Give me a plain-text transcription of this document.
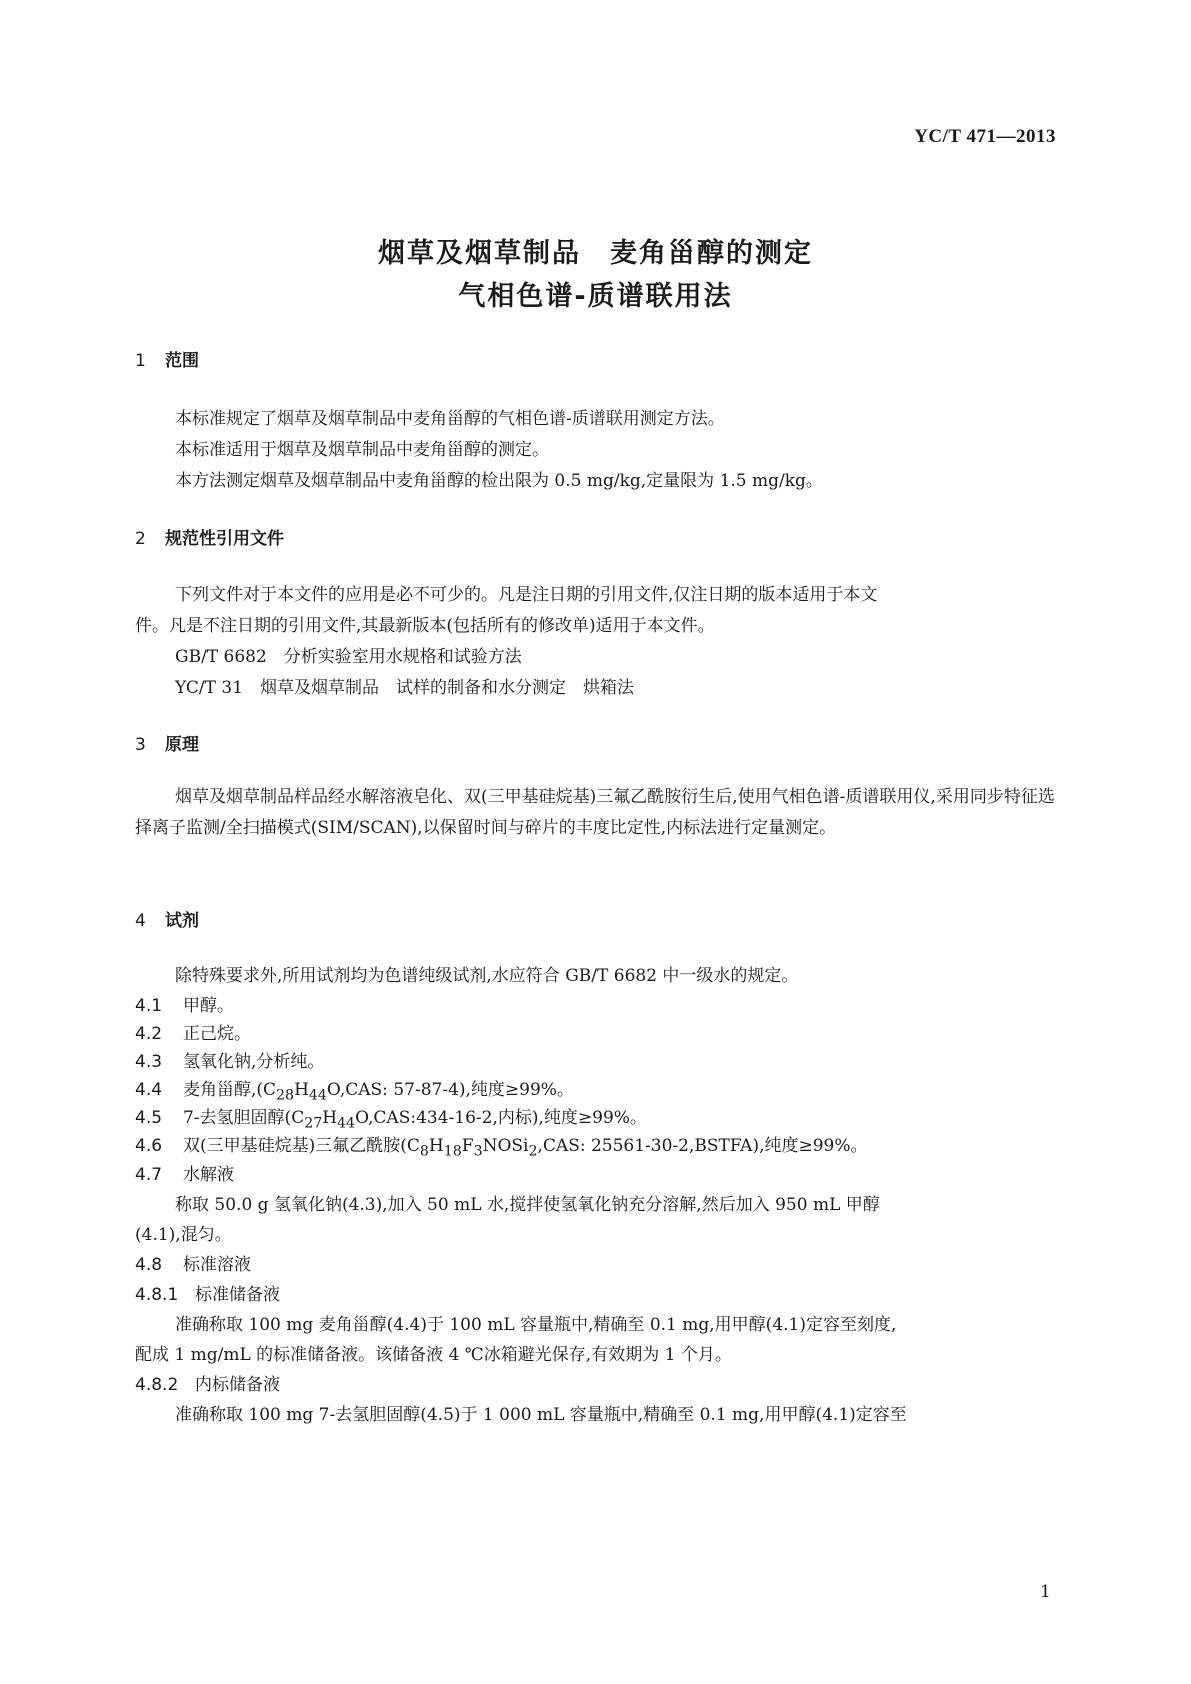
YC/T 471—2013
烟草及烟草制品　麦角甾醇的测定
气相色谱-质谱联用法
1 范围
本标准规定了烟草及烟草制品中麦角甾醇的气相色谱-质谱联用测定方法。
本标准适用于烟草及烟草制品中麦角甾醇的测定。
本方法测定烟草及烟草制品中麦角甾醇的检出限为 0.5 mg/kg,定量限为 1.5 mg/kg。
2 规范性引用文件
下列文件对于本文件的应用是必不可少的。凡是注日期的引用文件,仅注日期的版本适用于本文
件。凡是不注日期的引用文件,其最新版本(包括所有的修改单)适用于本文件。
GB/T 6682　分析实验室用水规格和试验方法
YC/T 31　烟草及烟草制品　试样的制备和水分测定　烘箱法
3 原理
烟草及烟草制品样品经水解溶液皂化、双(三甲基硅烷基)三氟乙酰胺衍生后,使用气相色谱-质谱联用仪,采用同步特征选择离子监测/全扫描模式(SIM/SCAN),以保留时间与碎片的丰度比定性,内标法进行定量测定。
4 试剂
除特殊要求外,所用试剂均为色谱纯级试剂,水应符合 GB/T 6682 中一级水的规定。
4.1 甲醇。
4.2 正己烷。
4.3 氢氧化钠,分析纯。
4.4 麦角甾醇$,(C_{28}H_{44}O,CAS$: 57-87-4),纯度≥99%。
4.5 7-去氢胆固醇($C_{27}H_{44}O,CAS:434-16-2$,内标),纯度≥99%。
4.6 双(三甲基硅烷基)三氟乙酰胺($C_8H_{18}F_3NOSi_2,CAS$: 25561-30-2,BSTFA),纯度≥99%。
4.7 水解液
称取 50.0 g 氢氧化钠(4.3),加入 50 mL 水,搅拌使氢氧化钠充分溶解,然后加入 950 mL 甲醇
(4.1),混匀。
4.8 标准溶液
4.8.1 标准储备液
准确称取 100 mg 麦角甾醇(4.4)于 100 mL 容量瓶中,精确至 0.1 mg,用甲醇(4.1)定容至刻度,
配成 1 mg/mL 的标准储备液。该储备液 4 ℃冰箱避光保存,有效期为 1 个月。
4.8.2 内标储备液
准确称取 100 mg 7-去氢胆固醇(4.5)于 1 000 mL 容量瓶中,精确至 0.1 mg,用甲醇(4.1)定容至
1
